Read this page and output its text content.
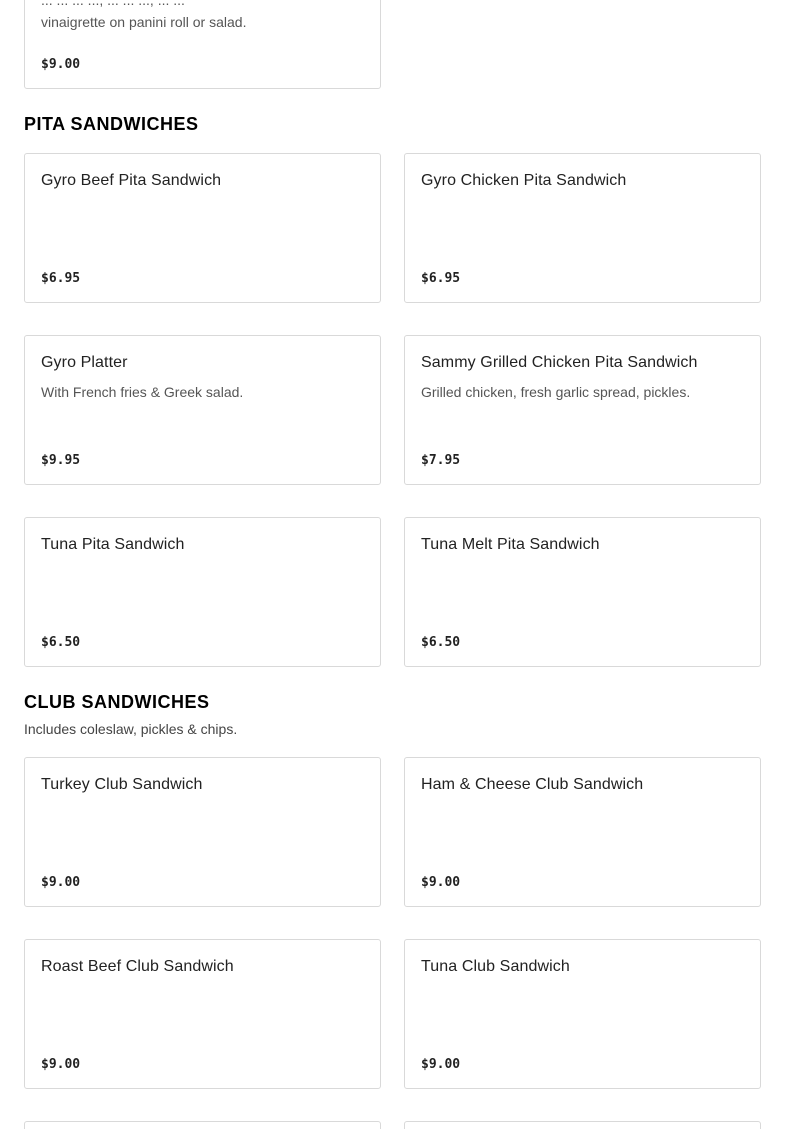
... ... ... ..., ... ... ..., ... ...
vinaigrette on panini roll or salad.
$9.00
PITA SANDWICHES
Gyro Beef Pita Sandwich
$6.95
Gyro Chicken Pita Sandwich
$6.95
Gyro Platter
With French fries & Greek salad.
$9.95
Sammy Grilled Chicken Pita Sandwich
Grilled chicken, fresh garlic spread, pickles.
$7.95
Tuna Pita Sandwich
$6.50
Tuna Melt Pita Sandwich
$6.50
CLUB SANDWICHES
Includes coleslaw, pickles & chips.
Turkey Club Sandwich
$9.00
Ham & Cheese Club Sandwich
$9.00
Roast Beef Club Sandwich
$9.00
Tuna Club Sandwich
$9.00
